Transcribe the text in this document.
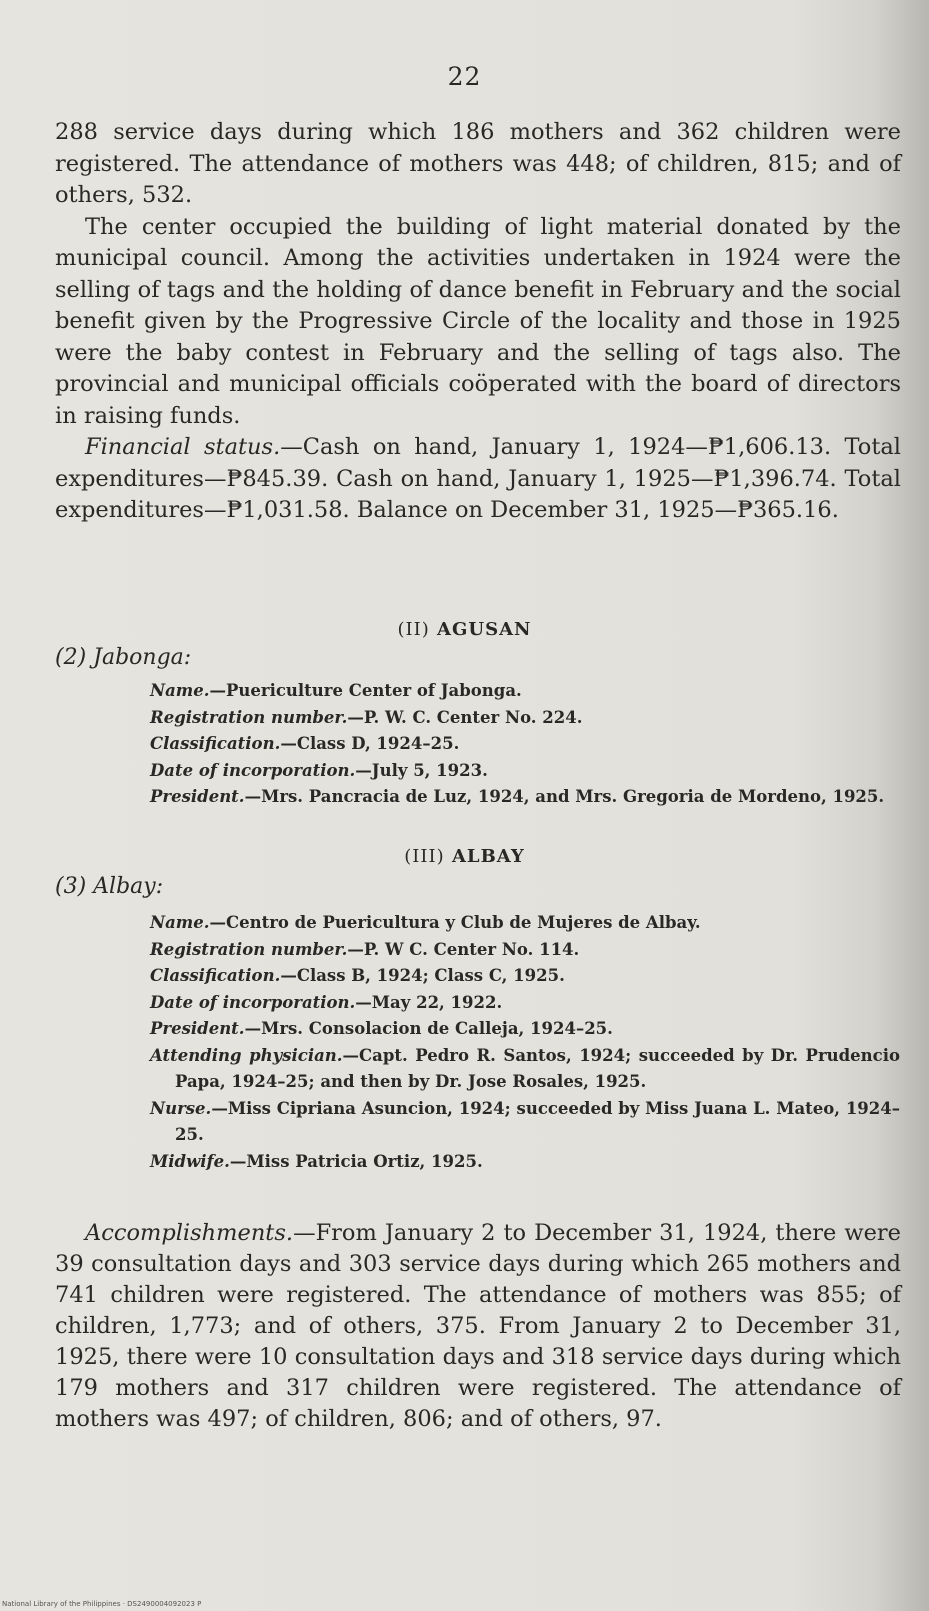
22

288 service days during which 186 mothers and 362 children were registered. The attendance of mothers was 448; of children, 815; and of others, 532.

The center occupied the building of light material donated by the municipal council. Among the activities undertaken in 1924 were the selling of tags and the holding of dance benefit in February and the social benefit given by the Progressive Circle of the locality and those in 1925 were the baby contest in February and the selling of tags also. The provincial and municipal officials coöperated with the board of directors in raising funds.

Financial status.—Cash on hand, January 1, 1924—₱1,606.13. Total expenditures—₱845.39. Cash on hand, January 1, 1925—₱1,396.74. Total expenditures—₱1,031.58. Balance on December 31, 1925—₱365.16.

(II) AGUSAN
(2) Jabonga:

Name.—Puericulture Center of Jabonga.

Registration number.—P. W. C. Center No. 224.

Classification.—Class D, 1924–25.

Date of incorporation.—July 5, 1923.

President.—Mrs. Pancracia de Luz, 1924, and Mrs. Gregoria de Mordeno, 1925.

(III) ALBAY
(3) Albay:

Name.—Centro de Puericultura y Club de Mujeres de Albay.

Registration number.—P. W C. Center No. 114.

Classification.—Class B, 1924; Class C, 1925.

Date of incorporation.—May 22, 1922.

President.—Mrs. Consolacion de Calleja, 1924–25.

Attending physician.—Capt. Pedro R. Santos, 1924; succeeded by Dr. Prudencio Papa, 1924–25; and then by Dr. Jose Rosales, 1925.

Nurse.—Miss Cipriana Asuncion, 1924; succeeded by Miss Juana L. Mateo, 1924–25.

Midwife.—Miss Patricia Ortiz, 1925.

Accomplishments.—From January 2 to December 31, 1924, there were 39 consultation days and 303 service days during which 265 mothers and 741 children were registered. The attendance of mothers was 855; of children, 1,773; and of others, 375. From January 2 to December 31, 1925, there were 10 consultation days and 318 service days during which 179 mothers and 317 children were registered. The attendance of mothers was 497; of children, 806; and of others, 97.

National Library of the Philippines · DS2490004092023 P
